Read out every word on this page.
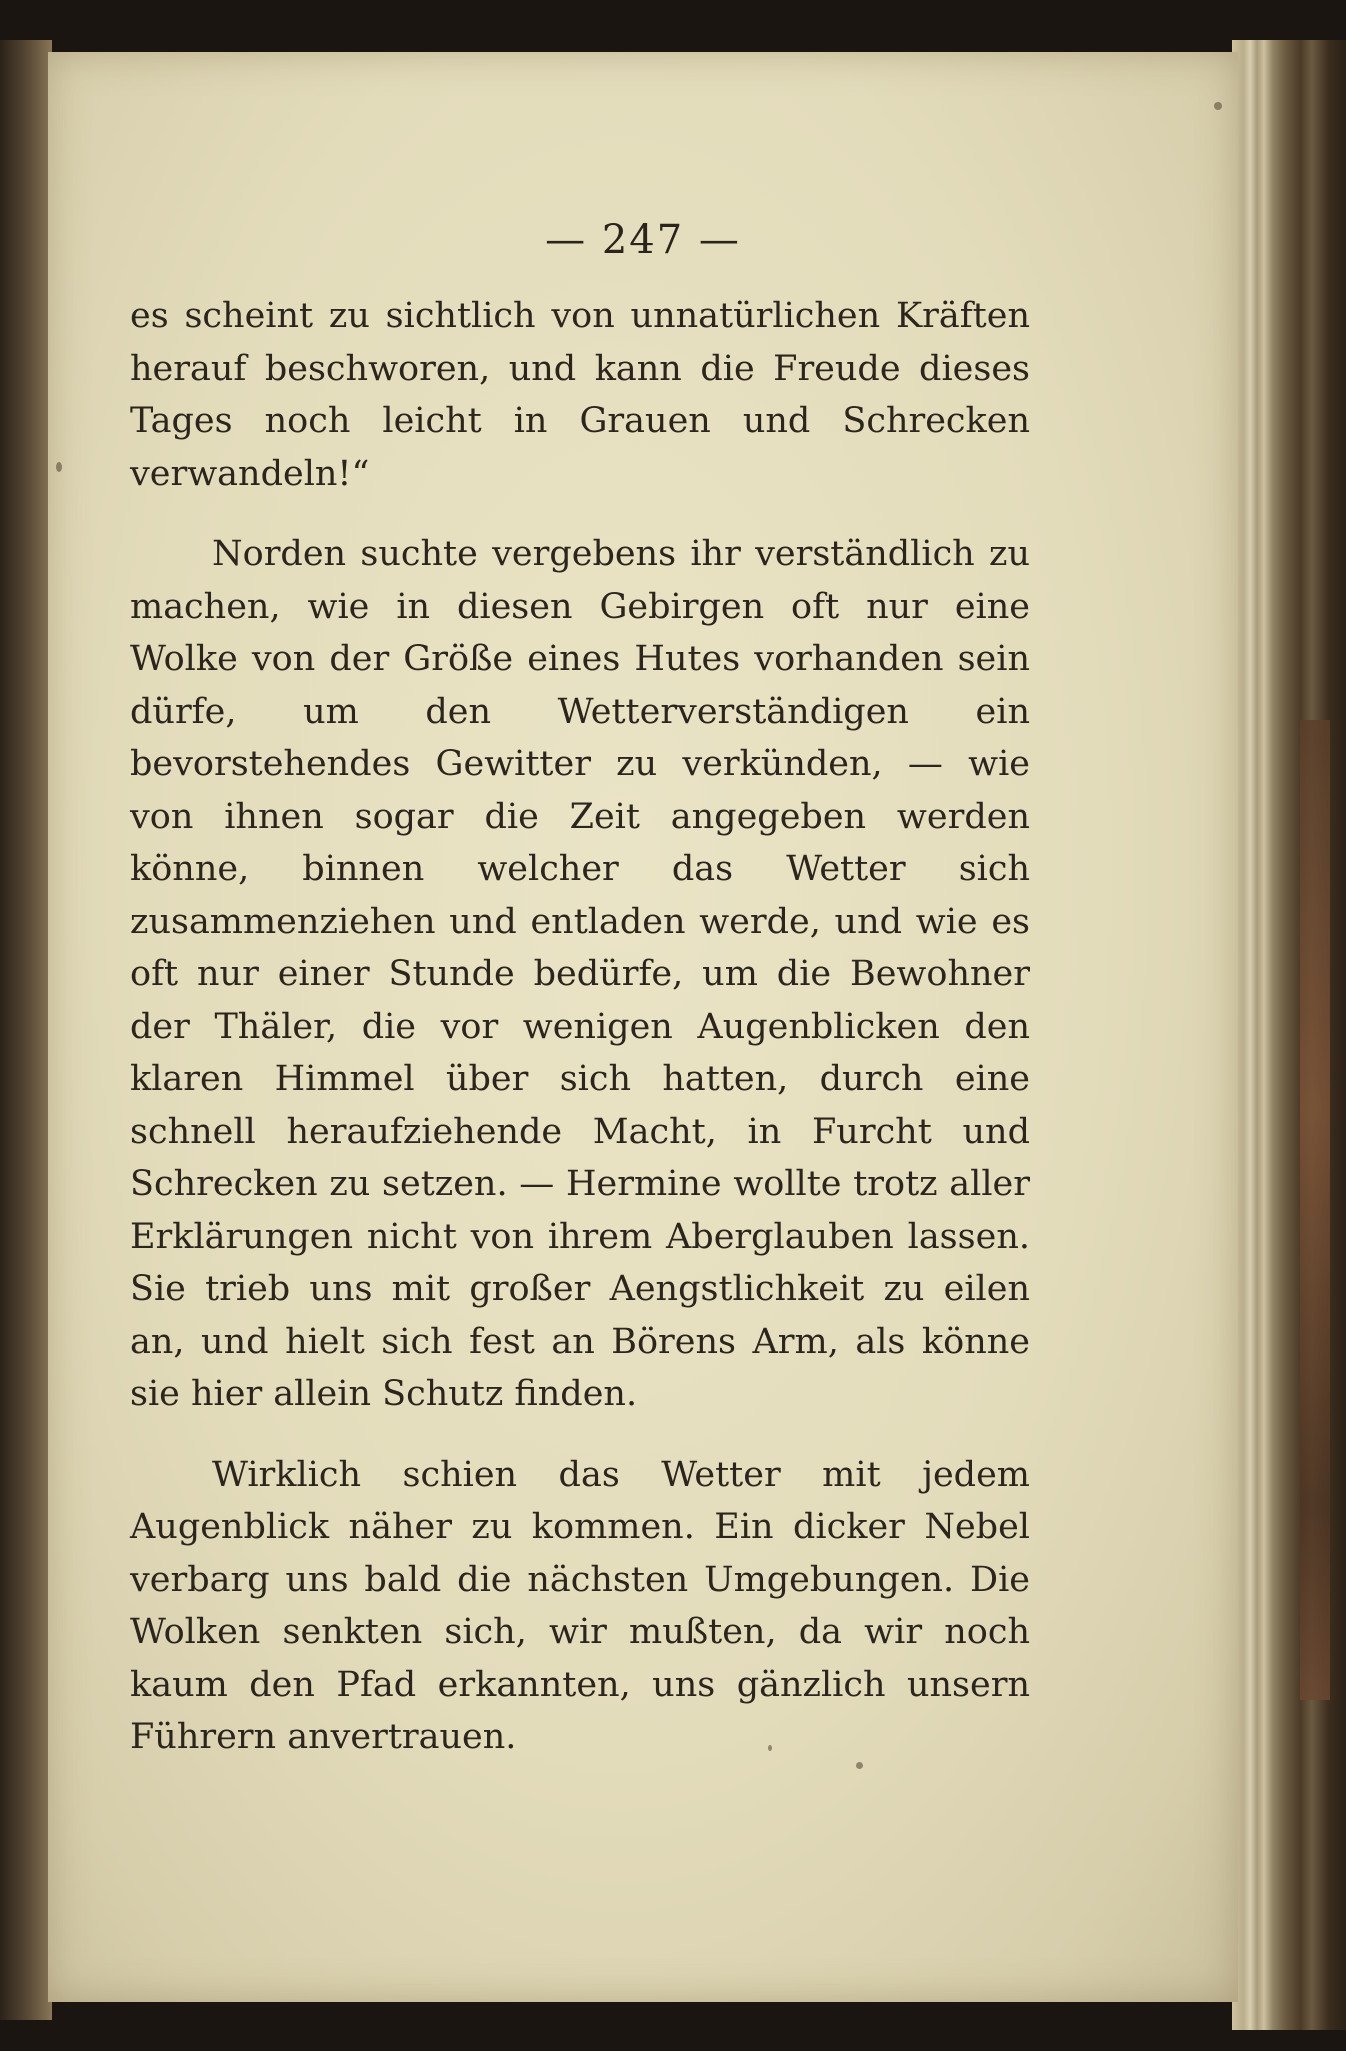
— 247 —

es scheint zu sichtlich von unnatürlichen Kräften herauf beschworen, und kann die Freude dieses Tages noch leicht in Grauen und Schrecken verwandeln!“

Norden suchte vergebens ihr verständlich zu machen, wie in diesen Gebirgen oft nur eine Wolke von der Größe eines Hutes vorhanden sein dürfe, um den Wetterverständigen ein bevorstehendes Gewitter zu verkünden, — wie von ihnen sogar die Zeit angegeben werden könne, binnen welcher das Wetter sich zusammenziehen und entladen werde, und wie es oft nur einer Stunde bedürfe, um die Bewohner der Thäler, die vor wenigen Augenblicken den klaren Himmel über sich hatten, durch eine schnell heraufziehende Macht, in Furcht und Schrecken zu setzen. — Hermine wollte trotz aller Erklärungen nicht von ihrem Aberglauben lassen. Sie trieb uns mit großer Aengstlichkeit zu eilen an, und hielt sich fest an Börens Arm, als könne sie hier allein Schutz finden.

Wirklich schien das Wetter mit jedem Augenblick näher zu kommen. Ein dicker Nebel verbarg uns bald die nächsten Umgebungen. Die Wolken senkten sich, wir mußten, da wir noch kaum den Pfad erkannten, uns gänzlich unsern Führern anvertrauen.
